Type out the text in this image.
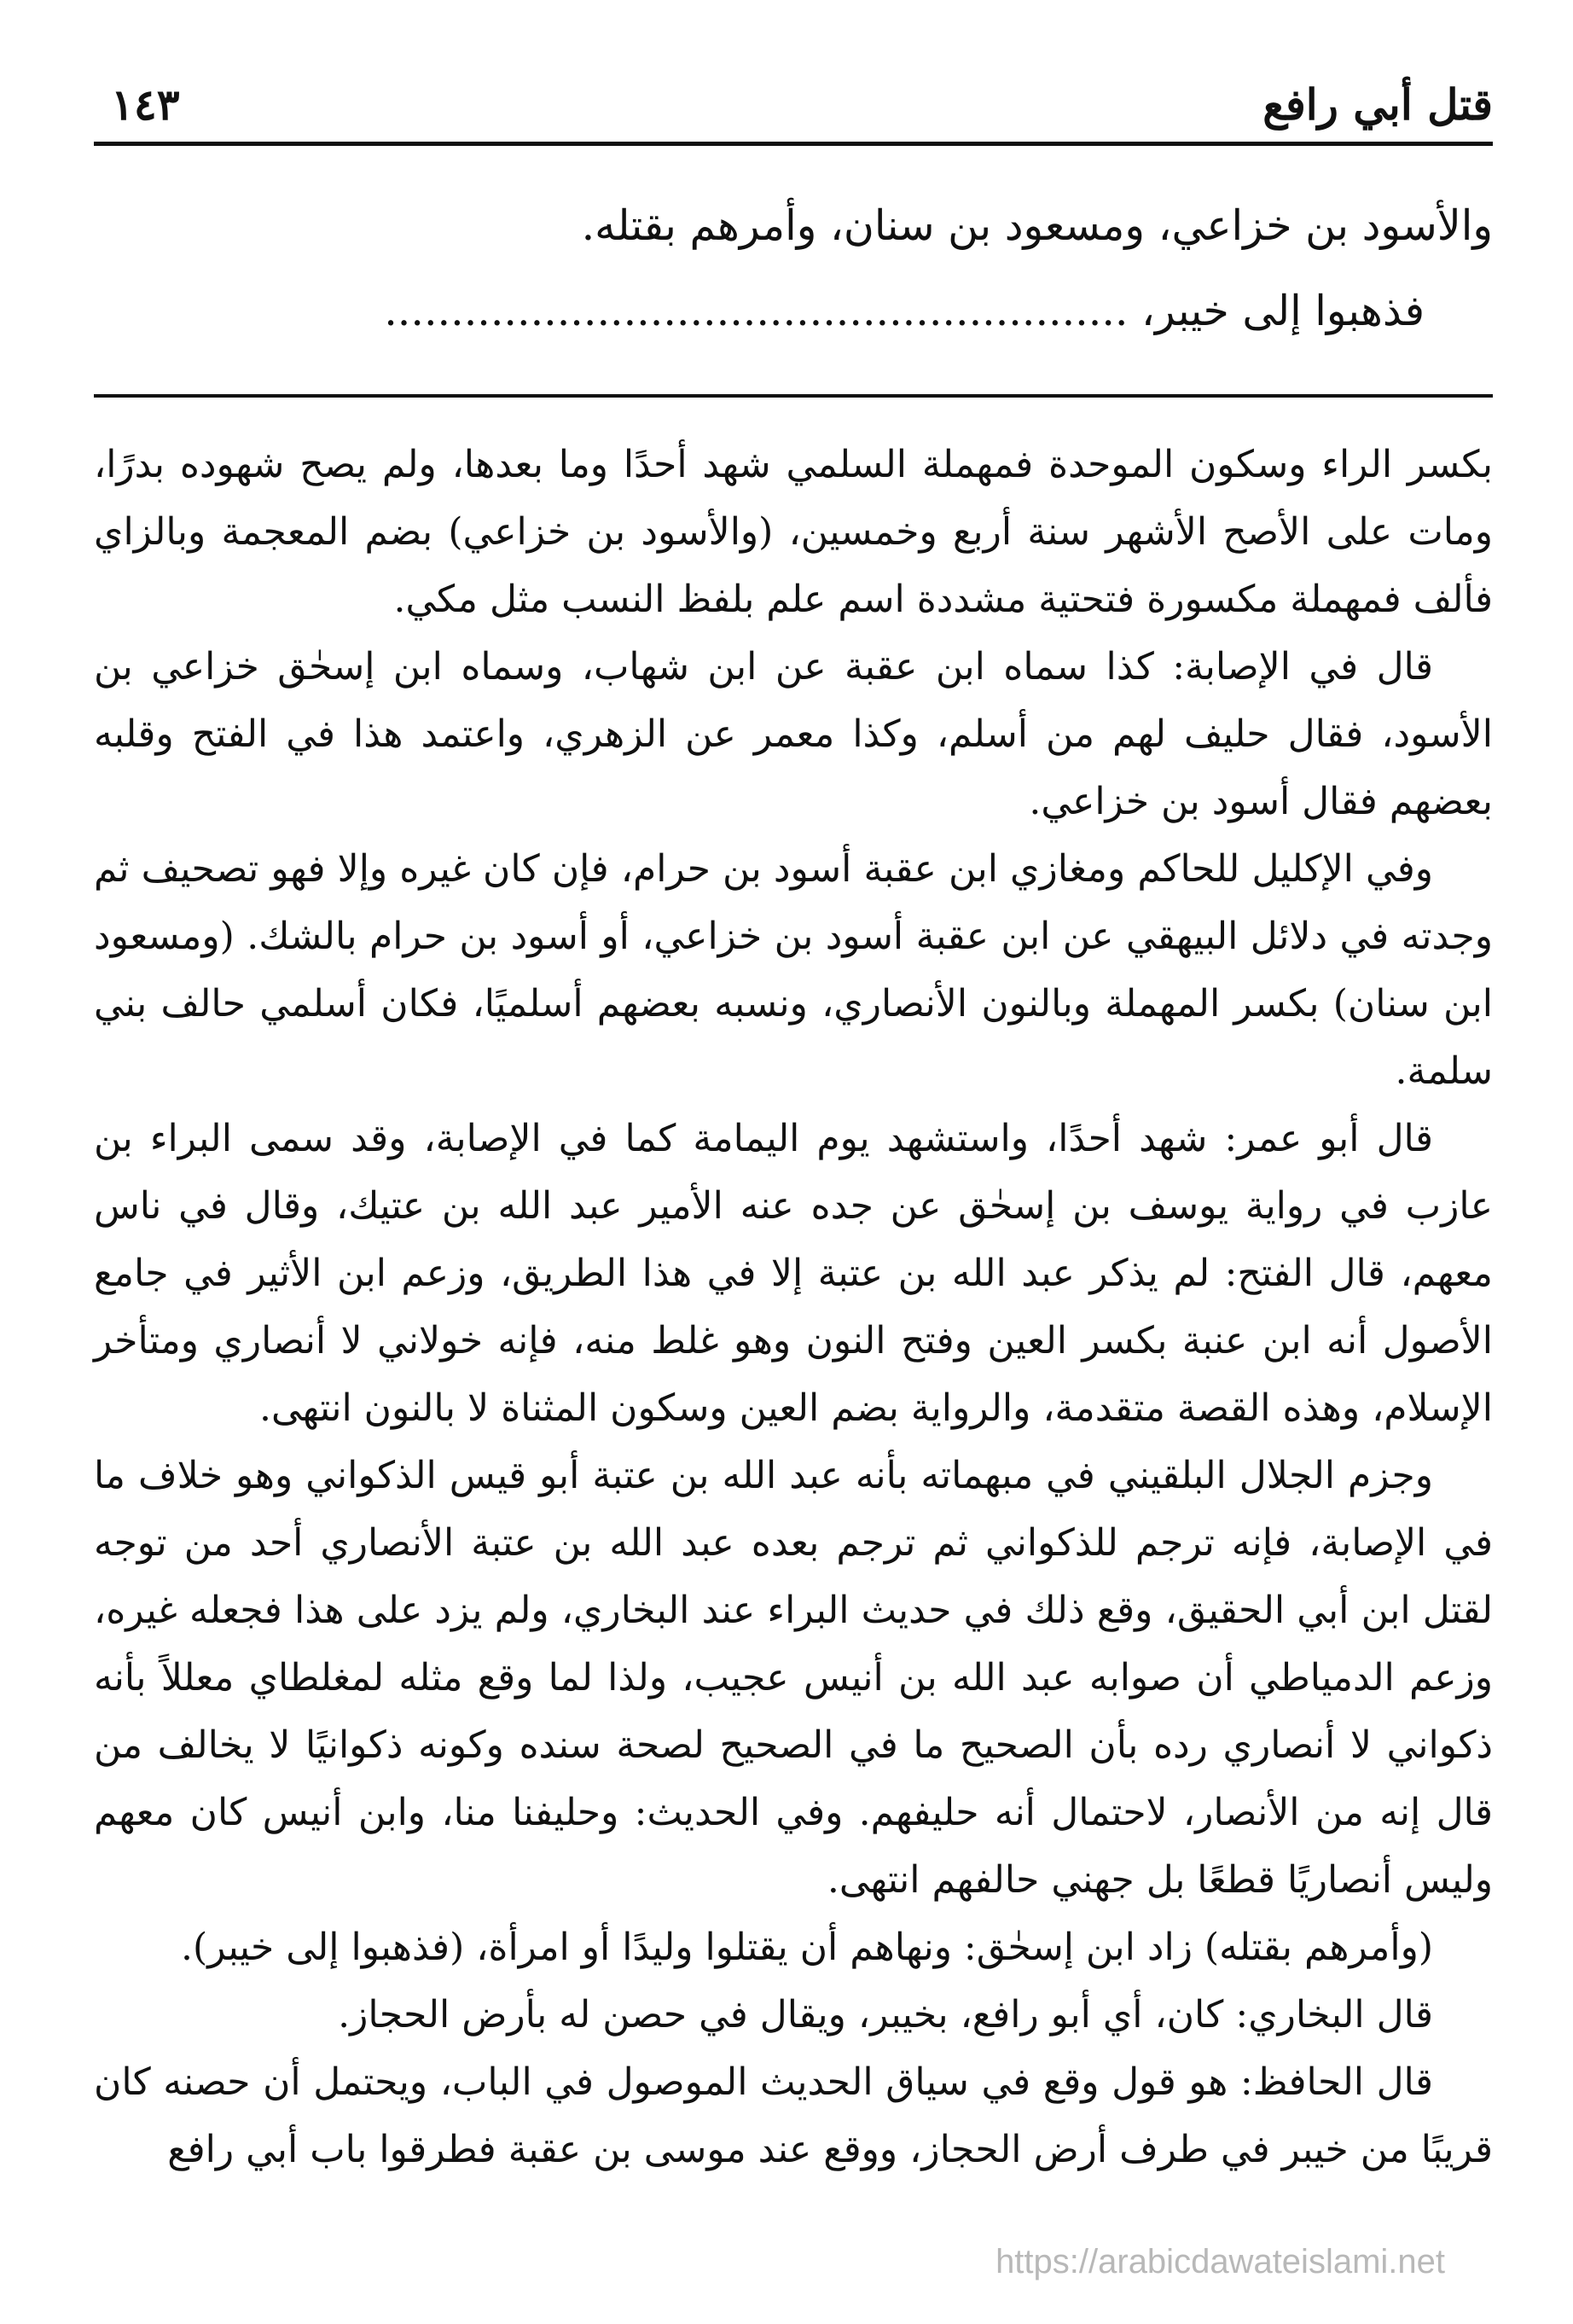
قتل أبي رافع
١٤٣

والأسود بن خزاعي، ومسعود بن سنان، وأمرهم بقتله.

فذهبوا إلى خيبر، ........................................................

بكسر الراء وسكون الموحدة فمهملة السلمي شهد أحدًا وما بعدها، ولم يصح شهوده بدرًا، ومات على الأصح الأشهر سنة أربع وخمسين، (والأسود بن خزاعي) بضم المعجمة وبالزاي فألف فمهملة مكسورة فتحتية مشددة اسم علم بلفظ النسب مثل مكي.

قال في الإصابة: كذا سماه ابن عقبة عن ابن شهاب، وسماه ابن إسحٰق خزاعي بن الأسود، فقال حليف لهم من أسلم، وكذا معمر عن الزهري، واعتمد هذا في الفتح وقلبه بعضهم فقال أسود بن خزاعي.

وفي الإكليل للحاكم ومغازي ابن عقبة أسود بن حرام، فإن كان غيره وإلا فهو تصحيف ثم وجدته في دلائل البيهقي عن ابن عقبة أسود بن خزاعي، أو أسود بن حرام بالشك. (ومسعود ابن سنان) بكسر المهملة وبالنون الأنصاري، ونسبه بعضهم أسلميًا، فكان أسلمي حالف بني سلمة.

قال أبو عمر: شهد أحدًا، واستشهد يوم اليمامة كما في الإصابة، وقد سمى البراء بن عازب في رواية يوسف بن إسحٰق عن جده عنه الأمير عبد الله بن عتيك، وقال في ناس معهم، قال الفتح: لم يذكر عبد الله بن عتبة إلا في هذا الطريق، وزعم ابن الأثير في جامع الأصول أنه ابن عنبة بكسر العين وفتح النون وهو غلط منه، فإنه خولاني لا أنصاري ومتأخر الإسلام، وهذه القصة متقدمة، والرواية بضم العين وسكون المثناة لا بالنون انتهى.

وجزم الجلال البلقيني في مبهماته بأنه عبد الله بن عتبة أبو قيس الذكواني وهو خلاف ما في الإصابة، فإنه ترجم للذكواني ثم ترجم بعده عبد الله بن عتبة الأنصاري أحد من توجه لقتل ابن أبي الحقيق، وقع ذلك في حديث البراء عند البخاري، ولم يزد على هذا فجعله غيره، وزعم الدمياطي أن صوابه عبد الله بن أنيس عجيب، ولذا لما وقع مثله لمغلطاي معللاً بأنه ذكواني لا أنصاري رده بأن الصحيح ما في الصحيح لصحة سنده وكونه ذكوانيًا لا يخالف من قال إنه من الأنصار، لاحتمال أنه حليفهم. وفي الحديث: وحليفنا منا، وابن أنيس كان معهم وليس أنصاريًا قطعًا بل جهني حالفهم انتهى.

(وأمرهم بقتله) زاد ابن إسحٰق: ونهاهم أن يقتلوا وليدًا أو امرأة، (فذهبوا إلى خيبر).

قال البخاري: كان، أي أبو رافع، بخيبر، ويقال في حصن له بأرض الحجاز.

قال الحافظ: هو قول وقع في سياق الحديث الموصول في الباب، ويحتمل أن حصنه كان قريبًا من خيبر في طرف أرض الحجاز، ووقع عند موسى بن عقبة فطرقوا باب أبي رافع

https://arabicdawateislami.net
